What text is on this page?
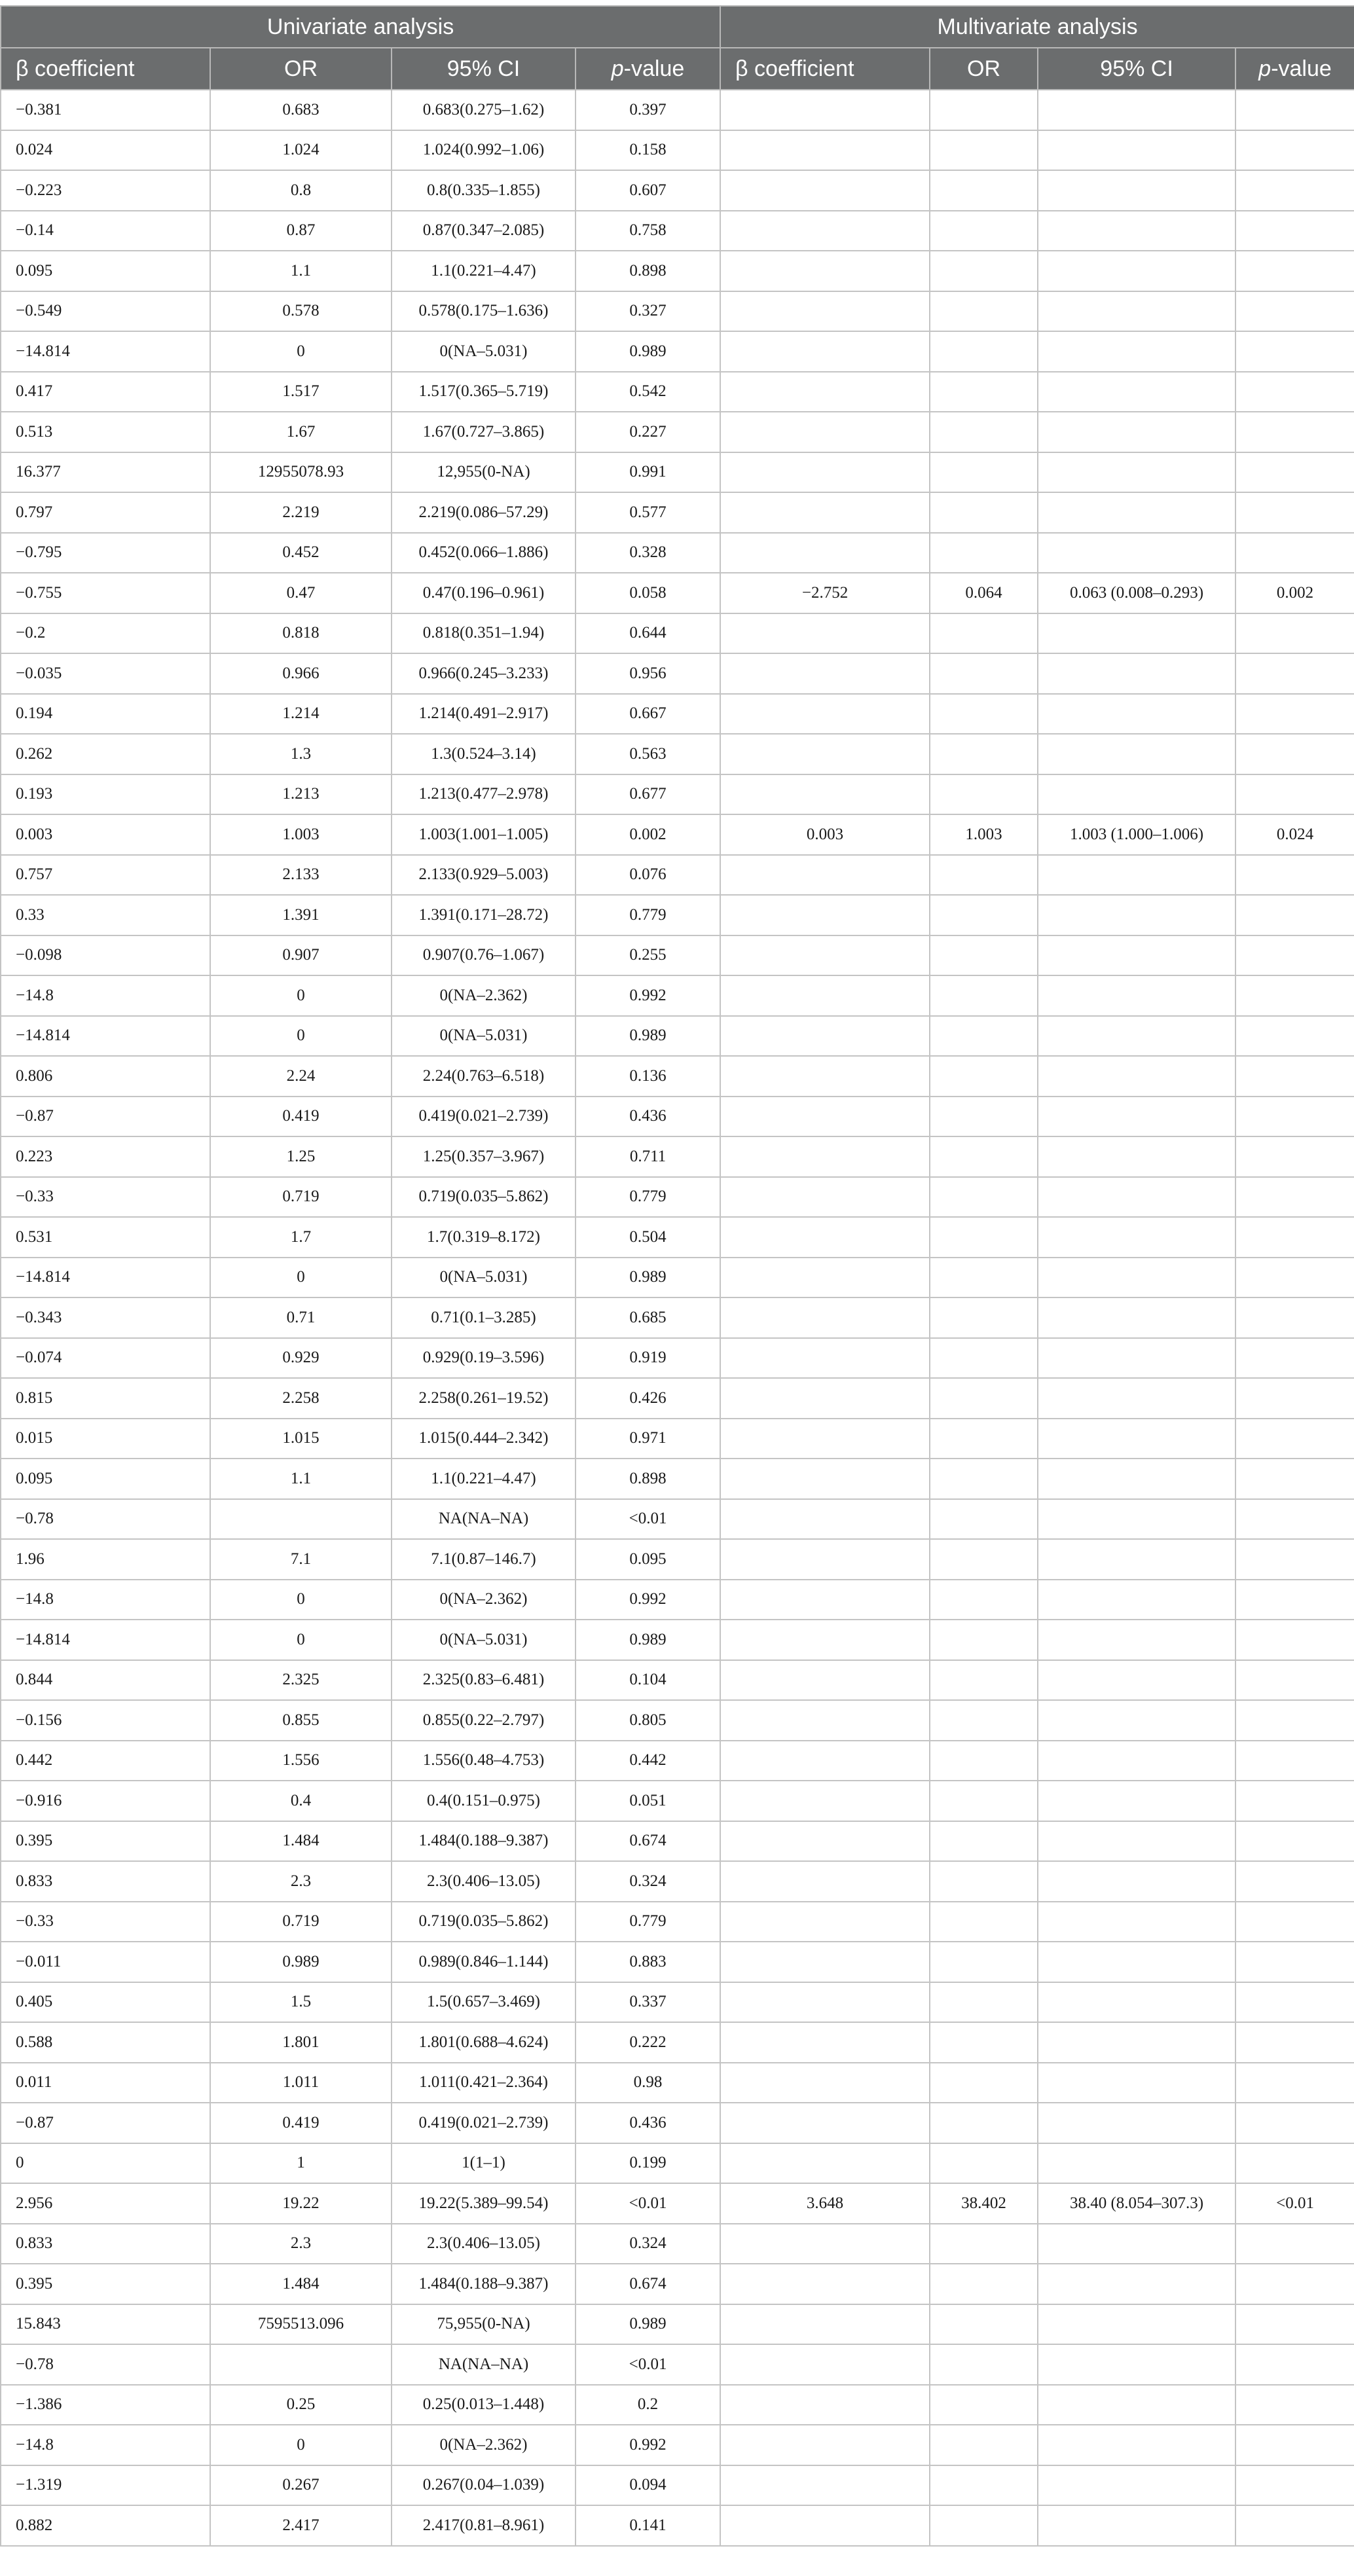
Univariate analysis				Multivariate analysis			
β coefficient	OR	95% CI	p-value	β coefficient	OR	95% CI	p-value
−0.381	0.683	0.683(0.275–1.62)	0.397				
0.024	1.024	1.024(0.992–1.06)	0.158				
−0.223	0.8	0.8(0.335–1.855)	0.607				
−0.14	0.87	0.87(0.347–2.085)	0.758				
0.095	1.1	1.1(0.221–4.47)	0.898				
−0.549	0.578	0.578(0.175–1.636)	0.327				
−14.814	0	0(NA–5.031)	0.989				
0.417	1.517	1.517(0.365–5.719)	0.542				
0.513	1.67	1.67(0.727–3.865)	0.227				
16.377	12955078.93	12,955(0-NA)	0.991				
0.797	2.219	2.219(0.086–57.29)	0.577				
−0.795	0.452	0.452(0.066–1.886)	0.328				
−0.755	0.47	0.47(0.196–0.961)	0.058	−2.752	0.064	0.063 (0.008–0.293)	0.002
−0.2	0.818	0.818(0.351–1.94)	0.644				
−0.035	0.966	0.966(0.245–3.233)	0.956				
0.194	1.214	1.214(0.491–2.917)	0.667				
0.262	1.3	1.3(0.524–3.14)	0.563				
0.193	1.213	1.213(0.477–2.978)	0.677				
0.003	1.003	1.003(1.001–1.005)	0.002	0.003	1.003	1.003 (1.000–1.006)	0.024
0.757	2.133	2.133(0.929–5.003)	0.076				
0.33	1.391	1.391(0.171–28.72)	0.779				
−0.098	0.907	0.907(0.76–1.067)	0.255				
−14.8	0	0(NA–2.362)	0.992				
−14.814	0	0(NA–5.031)	0.989				
0.806	2.24	2.24(0.763–6.518)	0.136				
−0.87	0.419	0.419(0.021–2.739)	0.436				
0.223	1.25	1.25(0.357–3.967)	0.711				
−0.33	0.719	0.719(0.035–5.862)	0.779				
0.531	1.7	1.7(0.319–8.172)	0.504				
−14.814	0	0(NA–5.031)	0.989				
−0.343	0.71	0.71(0.1–3.285)	0.685				
−0.074	0.929	0.929(0.19–3.596)	0.919				
0.815	2.258	2.258(0.261–19.52)	0.426				
0.015	1.015	1.015(0.444–2.342)	0.971				
0.095	1.1	1.1(0.221–4.47)	0.898				
−0.78		NA(NA–NA)	<0.01				
1.96	7.1	7.1(0.87–146.7)	0.095				
−14.8	0	0(NA–2.362)	0.992				
−14.814	0	0(NA–5.031)	0.989				
0.844	2.325	2.325(0.83–6.481)	0.104				
−0.156	0.855	0.855(0.22–2.797)	0.805				
0.442	1.556	1.556(0.48–4.753)	0.442				
−0.916	0.4	0.4(0.151–0.975)	0.051				
0.395	1.484	1.484(0.188–9.387)	0.674				
0.833	2.3	2.3(0.406–13.05)	0.324				
−0.33	0.719	0.719(0.035–5.862)	0.779				
−0.011	0.989	0.989(0.846–1.144)	0.883				
0.405	1.5	1.5(0.657–3.469)	0.337				
0.588	1.801	1.801(0.688–4.624)	0.222				
0.011	1.011	1.011(0.421–2.364)	0.98				
−0.87	0.419	0.419(0.021–2.739)	0.436				
0	1	1(1–1)	0.199				
2.956	19.22	19.22(5.389–99.54)	<0.01	3.648	38.402	38.40 (8.054–307.3)	<0.01
0.833	2.3	2.3(0.406–13.05)	0.324				
0.395	1.484	1.484(0.188–9.387)	0.674				
15.843	7595513.096	75,955(0-NA)	0.989				
−0.78		NA(NA–NA)	<0.01				
−1.386	0.25	0.25(0.013–1.448)	0.2				
−14.8	0	0(NA–2.362)	0.992				
−1.319	0.267	0.267(0.04–1.039)	0.094				
0.882	2.417	2.417(0.81–8.961)	0.141				
